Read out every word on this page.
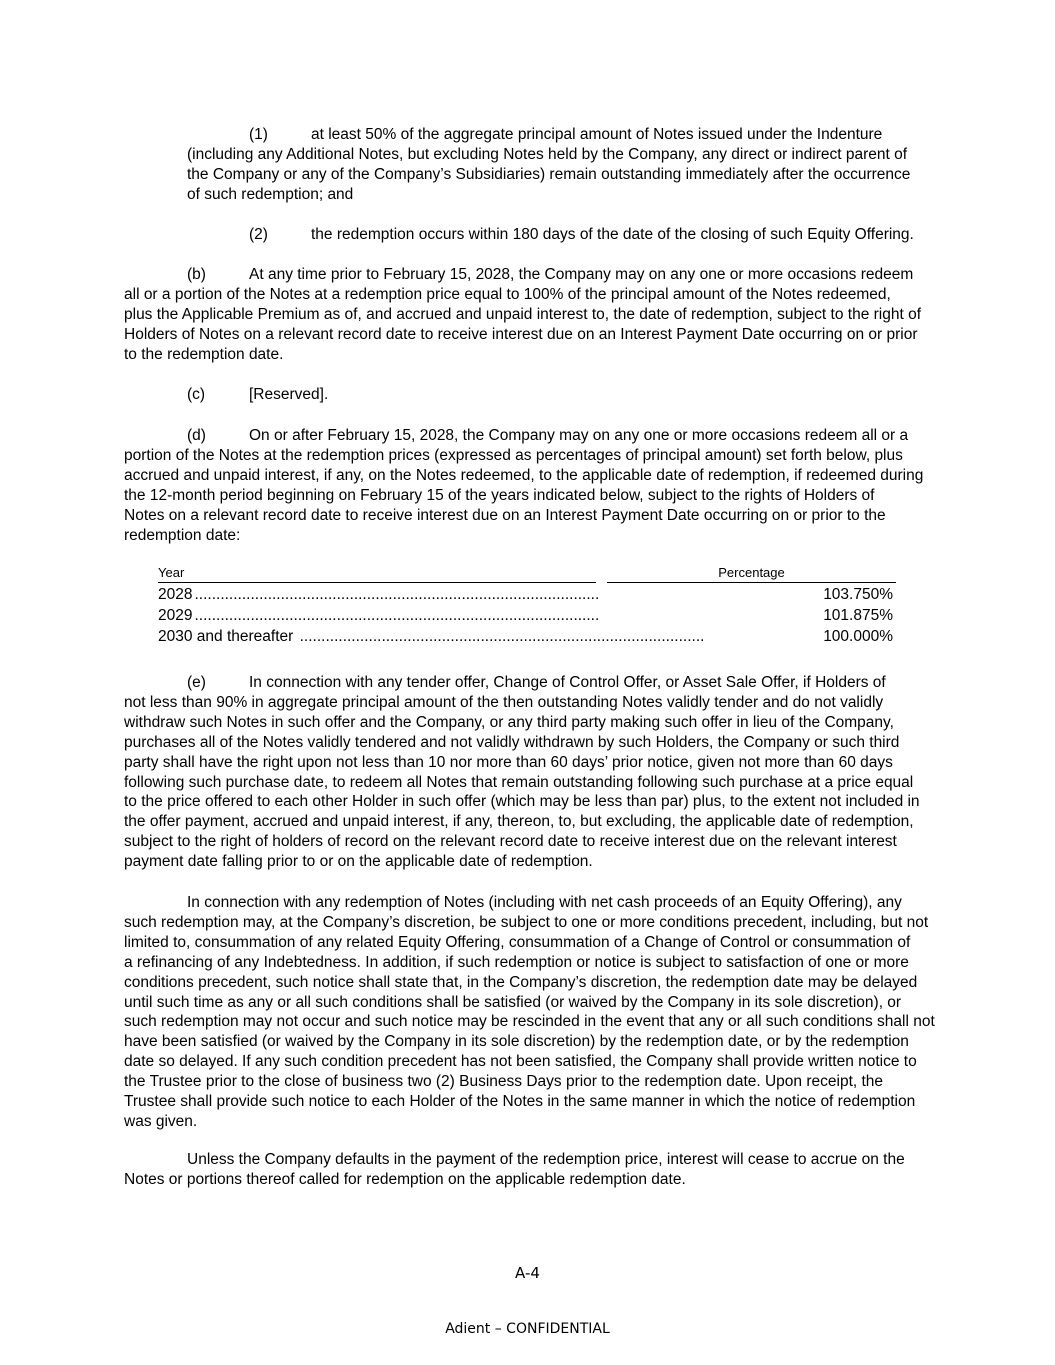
(1)	at least 50% of the aggregate principal amount of Notes issued under the Indenture
(including any Additional Notes, but excluding Notes held by the Company, any direct or indirect parent of
the Company or any of the Company’s Subsidiaries) remain outstanding immediately after the occurrence
of such redemption; and

(2)	the redemption occurs within 180 days of the date of the closing of such Equity Offering.

(b)	At any time prior to February 15, 2028, the Company may on any one or more occasions redeem
all or a portion of the Notes at a redemption price equal to 100% of the principal amount of the Notes redeemed,
plus the Applicable Premium as of, and accrued and unpaid interest to, the date of redemption, subject to the right of
Holders of Notes on a relevant record date to receive interest due on an Interest Payment Date occurring on or prior
to the redemption date.

(c)	[Reserved].

(d)	On or after February 15, 2028, the Company may on any one or more occasions redeem all or a
portion of the Notes at the redemption prices (expressed as percentages of principal amount) set forth below, plus
accrued and unpaid interest, if any, on the Notes redeemed, to the applicable date of redemption, if redeemed during
the 12-month period beginning on February 15 of the years indicated below, subject to the rights of Holders of
Notes on a relevant record date to receive interest due on an Interest Payment Date occurring on or prior to the
redemption date:

Year	Percentage
2028 ..............................................................................................	103.750%
2029 ..............................................................................................	101.875%
2030 and thereafter ..............................................................................................	100.000%

(e)	In connection with any tender offer, Change of Control Offer, or Asset Sale Offer, if Holders of
not less than 90% in aggregate principal amount of the then outstanding Notes validly tender and do not validly
withdraw such Notes in such offer and the Company, or any third party making such offer in lieu of the Company,
purchases all of the Notes validly tendered and not validly withdrawn by such Holders, the Company or such third
party shall have the right upon not less than 10 nor more than 60 days’ prior notice, given not more than 60 days
following such purchase date, to redeem all Notes that remain outstanding following such purchase at a price equal
to the price offered to each other Holder in such offer (which may be less than par) plus, to the extent not included in
the offer payment, accrued and unpaid interest, if any, thereon, to, but excluding, the applicable date of redemption,
subject to the right of holders of record on the relevant record date to receive interest due on the relevant interest
payment date falling prior to or on the applicable date of redemption.

In connection with any redemption of Notes (including with net cash proceeds of an Equity Offering), any
such redemption may, at the Company’s discretion, be subject to one or more conditions precedent, including, but not
limited to, consummation of any related Equity Offering, consummation of a Change of Control or consummation of
a refinancing of any Indebtedness. In addition, if such redemption or notice is subject to satisfaction of one or more
conditions precedent, such notice shall state that, in the Company’s discretion, the redemption date may be delayed
until such time as any or all such conditions shall be satisfied (or waived by the Company in its sole discretion), or
such redemption may not occur and such notice may be rescinded in the event that any or all such conditions shall not
have been satisfied (or waived by the Company in its sole discretion) by the redemption date, or by the redemption
date so delayed. If any such condition precedent has not been satisfied, the Company shall provide written notice to
the Trustee prior to the close of business two (2) Business Days prior to the redemption date. Upon receipt, the
Trustee shall provide such notice to each Holder of the Notes in the same manner in which the notice of redemption
was given.

Unless the Company defaults in the payment of the redemption price, interest will cease to accrue on the
Notes or portions thereof called for redemption on the applicable redemption date.

A-4
Adient – CONFIDENTIAL
